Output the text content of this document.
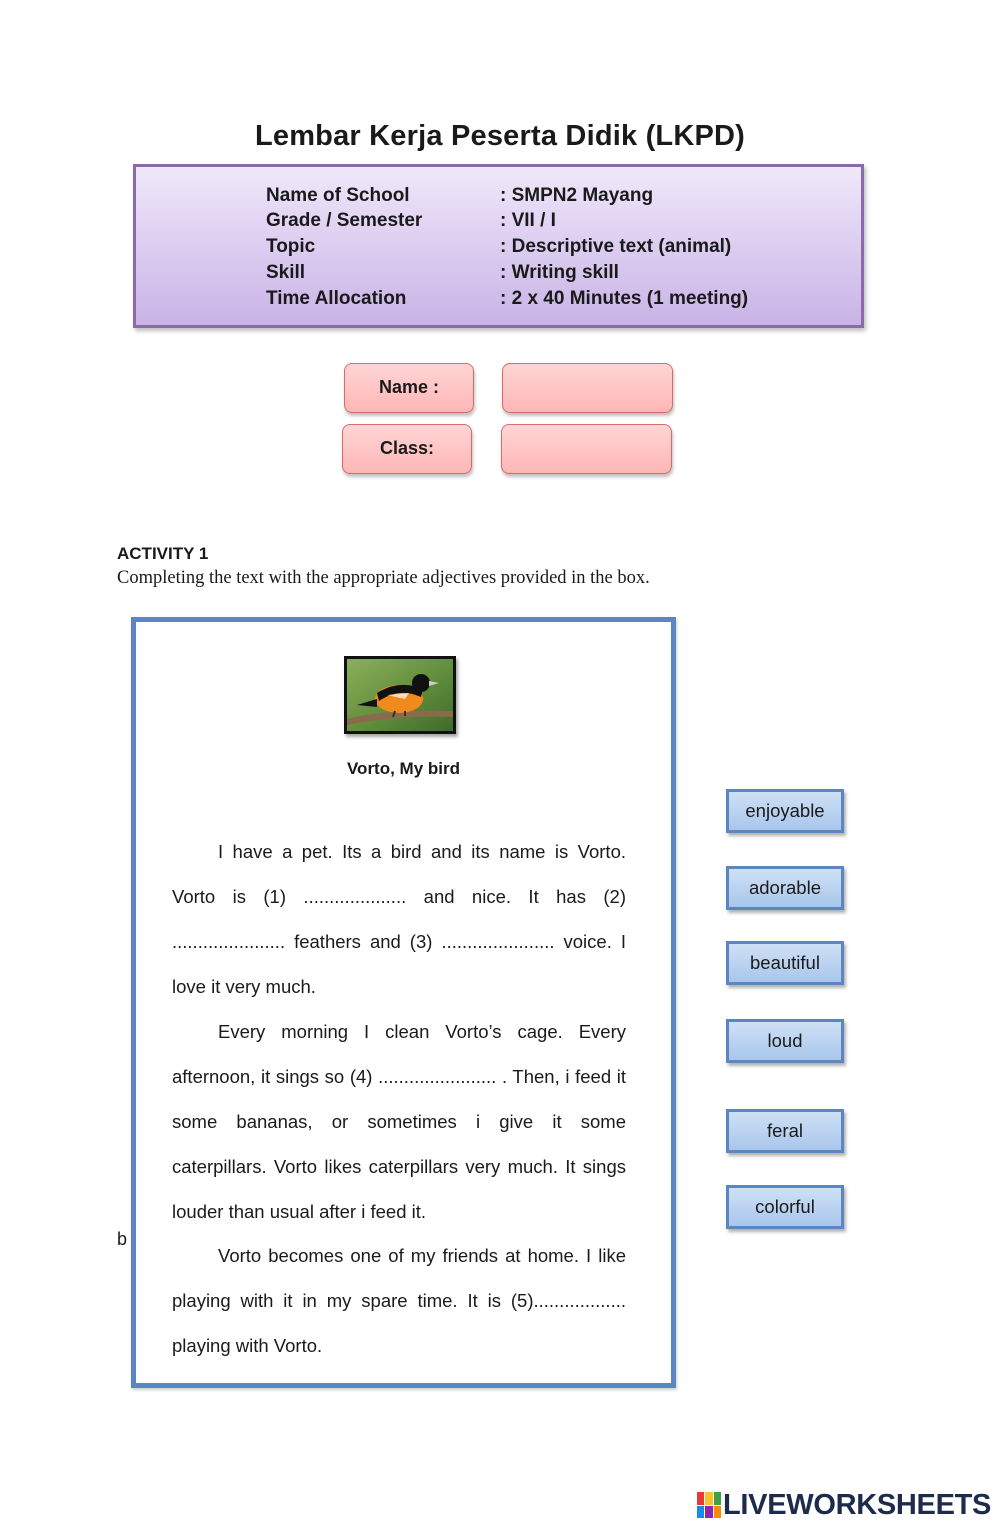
Lembar Kerja Peserta Didik (LKPD)
Name of School	: SMPN2 Mayang
Grade / Semester	: VII / I
Topic	: Descriptive text (animal)
Skill	: Writing skill
Time Allocation	: 2 x 40 Minutes (1 meeting)
Name :
Class:
ACTIVITY 1
Completing the text with the appropriate adjectives provided in the box.
b
Vorto, My bird

I have a pet. Its a bird and its name is Vorto. Vorto is (1) .................... and nice. It has (2) ...................... feathers and (3) ...................... voice. I love it very much.

Every morning I clean Vorto’s cage. Every afternoon, it sings so (4) ....................... . Then, i feed it some bananas, or sometimes i give it some caterpillars. Vorto likes caterpillars very much. It sings louder than usual after i feed it.

Vorto becomes one of my friends at home. I like playing with it in my spare time. It is (5).................. playing with Vorto.

enjoyable
adorable
beautiful
loud
feral
colorful
LIVEWORKSHEETS
